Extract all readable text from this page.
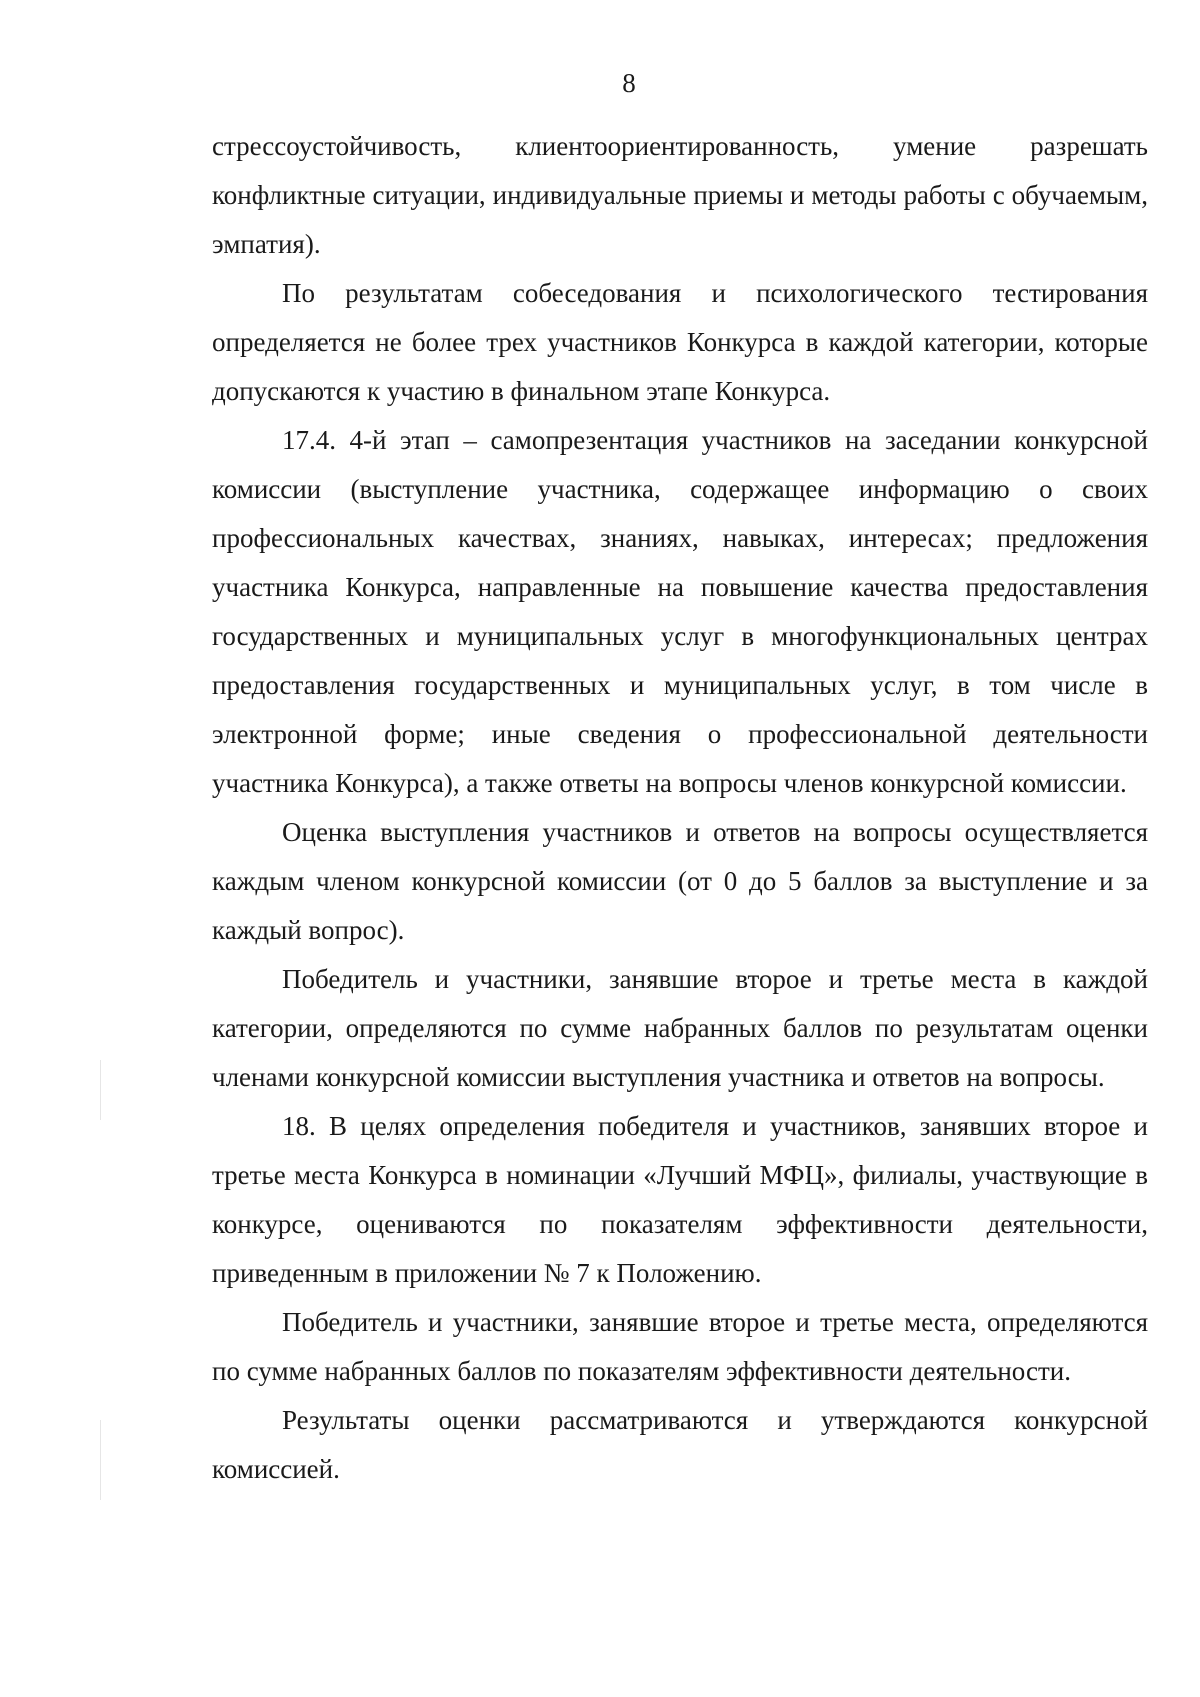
8

стрессоустойчивость, клиентоориентированность, умение разрешать конфликтные ситуации, индивидуальные приемы и методы работы с обучаемым, эмпатия).

По результатам собеседования и психологического тестирования определяется не более трех участников Конкурса в каждой категории, которые допускаются к участию в финальном этапе Конкурса.

17.4. 4-й этап – самопрезентация участников на заседании конкурсной комиссии (выступление участника, содержащее информацию о своих профессиональных качествах, знаниях, навыках, интересах; предложения участника Конкурса, направленные на повышение качества предоставления государственных и муниципальных услуг в многофункциональных центрах предоставления государственных и муниципальных услуг, в том числе в электронной форме; иные сведения о профессиональной деятельности участника Конкурса), а также ответы на вопросы членов конкурсной комиссии.

Оценка выступления участников и ответов на вопросы осуществляется каждым членом конкурсной комиссии (от 0 до 5 баллов за выступление и за каждый вопрос).

Победитель и участники, занявшие второе и третье места в каждой категории, определяются по сумме набранных баллов по результатам оценки членами конкурсной комиссии выступления участника и ответов на вопросы.

18. В целях определения победителя и участников, занявших второе и третье места Конкурса в номинации «Лучший МФЦ», филиалы, участвующие в конкурсе, оцениваются по показателям эффективности деятельности, приведенным в приложении № 7 к Положению.

Победитель и участники, занявшие второе и третье места, определяются по сумме набранных баллов по показателям эффективности деятельности.

Результаты оценки рассматриваются и утверждаются конкурсной комиссией.
